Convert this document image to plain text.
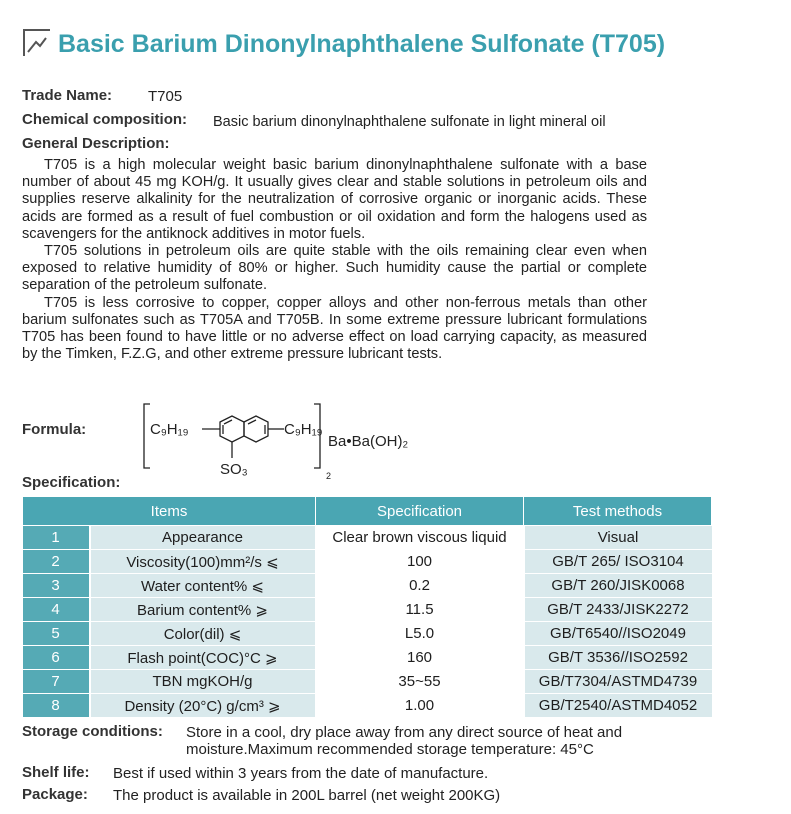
Basic Barium Dinonylnaphthalene Sulfonate (T705)
Trade Name: T705
Chemical composition: Basic barium dinonylnaphthalene sulfonate in light mineral oil
General Description:

T705 is a high molecular weight basic barium dinonylnaphthalene sulfonate with a base number of about 45 mg KOH/g. It usually gives clear and stable solutions in petroleum oils and supplies reserve alkalinity for the neutralization of corrosive organic or inorganic acids. These acids are formed as a result of fuel combustion or oil oxidation and form the halogens used as scavengers for the antiknock additives in motor fuels.

T705 solutions in petroleum oils are quite stable with the oils remaining clear even when exposed to relative humidity of 80% or higher. Such humidity cause the partial or complete separation of the petroleum sulfonate.

T705 is less corrosive to copper, copper alloys and other non-ferrous metals than other barium sulfonates such as T705A and T705B. In some extreme pressure lubricant formulations T705 has been found to have little or no adverse effect on load carrying capacity, as measured by the Timken, F.Z.G, and other extreme pressure lubricant tests.

Formula:	C₉H₁₉	C₉H₁₉
SO₃	2
Ba•Ba(OH)₂
Specification:
Items		Specification	Test methods
1	Appearance	Clear brown viscous liquid	Visual
2	Viscosity(100)mm²/s ⩽	100	GB/T 265/ ISO3104
3	Water content% ⩽	0.2	GB/T 260/JISK0068
4	Barium content% ⩾	11.5	GB/T 2433/JISK2272
5	Color(dil) ⩽	L5.0	GB/T6540//ISO2049
6	Flash point(COC)°C ⩾	160	GB/T 3536//ISO2592
7	TBN mgKOH/g	35~55	GB/T7304/ASTMD4739
8	Density (20°C) g/cm³ ⩾	1.00	GB/T2540/ASTMD4052
Storage conditions: Store in a cool, dry place away from any direct source of heat and
moisture.Maximum recommended storage temperature: 45°C
Shelf life: Best if used within 3 years from the date of manufacture.
Package: The product is available in 200L barrel (net weight 200KG)
